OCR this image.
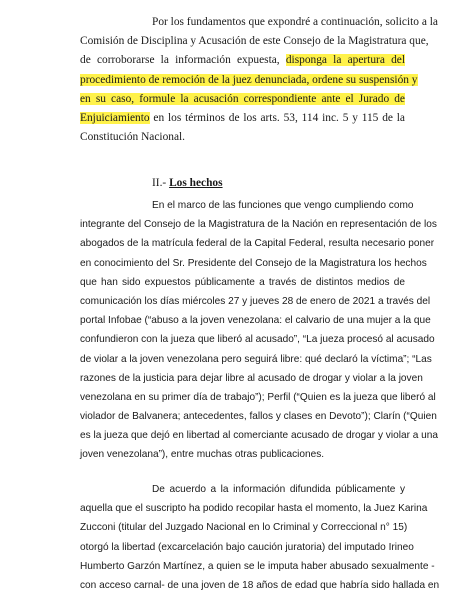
Por los fundamentos que expondré a continuación, solicito a la
Comisión de Disciplina y Acusación de este Consejo de la Magistratura que,
de corroborarse la información expuesta, disponga la apertura del
procedimiento de remoción de la juez denunciada, ordene su suspensión y
en su caso, formule la acusación correspondiente ante el Jurado de
Enjuiciamiento en los términos de los arts. 53, 114 inc. 5 y 115 de la
Constitución Nacional.
II.- Los hechos
En el marco de las funciones que vengo cumpliendo como
integrante del Consejo de la Magistratura de la Nación en representación de los
abogados de la matrícula federal de la Capital Federal, resulta necesario poner
en conocimiento del Sr. Presidente del Consejo de la Magistratura los hechos
que han sido expuestos públicamente a través de distintos medios de
comunicación los días miércoles 27 y jueves 28 de enero de 2021 a través del
portal Infobae (“abuso a la joven venezolana: el calvario de una mujer a la que
confundieron con la jueza que liberó al acusado”, “La jueza procesó al acusado
de violar a la joven venezolana pero seguirá libre: qué declaró la víctima”; “Las
razones de la justicia para dejar libre al acusado de drogar y violar a la joven
venezolana en su primer día de trabajo”); Perfil (“Quien es la jueza que liberó al
violador de Balvanera; antecedentes, fallos y clases en Devoto”); Clarín (“Quien
es la jueza que dejó en libertad al comerciante acusado de drogar y violar a una
joven venezolana”), entre muchas otras publicaciones.
De acuerdo a la información difundida públicamente y
aquella que el suscripto ha podido recopilar hasta el momento, la Juez Karina
Zucconi (titular del Juzgado Nacional en lo Criminal y Correccional n° 15)
otorgó la libertad (excarcelación bajo caución juratoria) del imputado Irineo
Humberto Garzón Martínez, a quien se le imputa haber abusado sexualmente -
con acceso carnal- de una joven de 18 años de edad que habría sido hallada en
